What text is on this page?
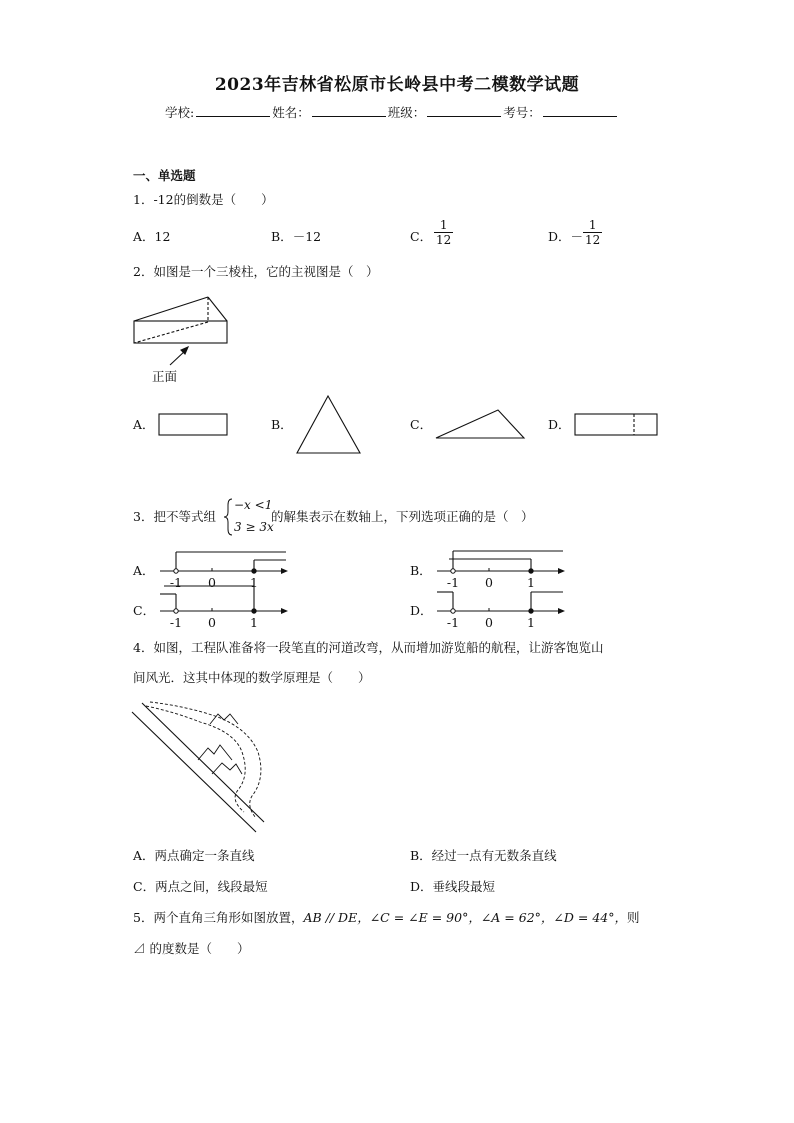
2023年吉林省松原市长岭县中考二模数学试题
学校:	姓名：	班级：	考号：
一、单选题
1．-12的倒数是（　　）
A．12	B．－12	C． $\frac{1}{12}$	D．－ $\frac{1}{12}$
2．如图是一个三棱柱，它的主视图是（　）
正面
A．	B．	C．	D．
3．把不等式组
−x <1
3 ≥ 3x
的解集表示在数轴上，下列选项正确的是（　）
A．	B．
C．	D．
-1 0	1	-1 0	1
-1 0	1	-1 0	1
4．如图，工程队准备将一段笔直的河道改弯，从而增加游览船的航程，让游客饱览山
间风光．这其中体现的数学原理是（　　）
A．两点确定一条直线	B．经过一点有无数条直线
C．两点之间，线段最短	D．垂线段最短
5．两个直角三角形如图放置，AB // DE，∠C = ∠E = 90°，∠A = 62°，∠D = 44°，则
⊿ 的度数是（　　）
